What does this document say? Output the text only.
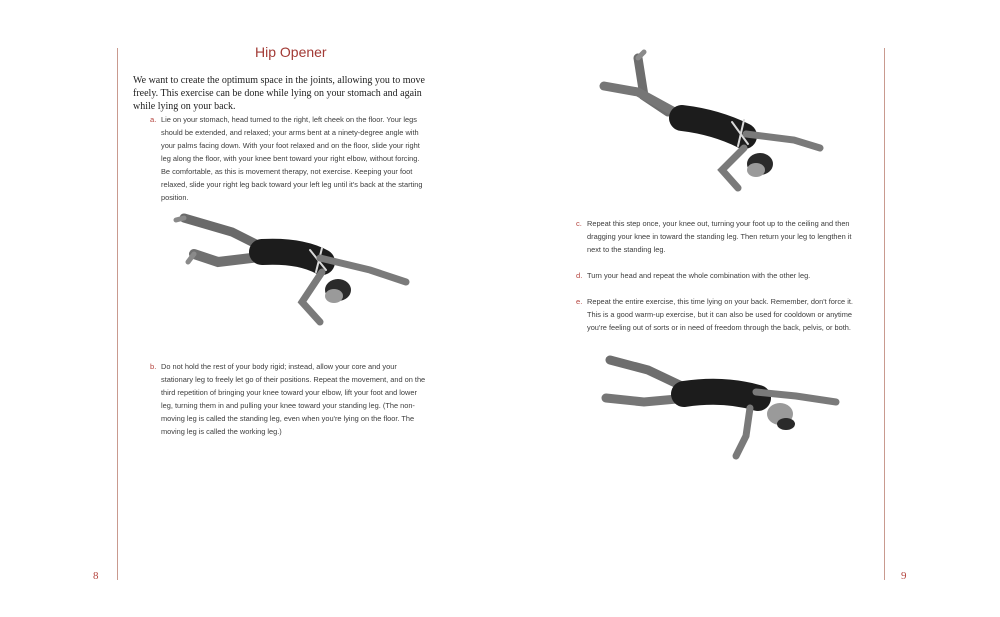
8	9
Hip Opener
We want to create the optimum space in the joints, allowing you to move freely. This exercise can be done while lying on your stomach and again while lying on your back.
a. Lie on your stomach, head turned to the right, left cheek on the floor. Your legs should be extended, and relaxed; your arms bent at a ninety-degree angle with your palms facing down. With your foot relaxed and on the floor, slide your right leg along the floor, with your knee bent toward your right elbow, without forcing. Be comfortable, as this is movement therapy, not exercise. Keeping your foot relaxed, slide your right leg back toward your left leg until it's back at the starting position.
b. Do not hold the rest of your body rigid; instead, allow your core and your stationary leg to freely let go of their positions. Repeat the movement, and on the third repetition of bringing your knee toward your elbow, lift your foot and lower leg, turning them in and pulling your knee toward your standing leg. (The non-moving leg is called the standing leg, even when you're lying on the floor. The moving leg is called the working leg.)
c. Repeat this step once, your knee out, turning your foot up to the ceiling and then dragging your knee in toward the standing leg. Then return your leg to lengthen it next to the standing leg.
d. Turn your head and repeat the whole combination with the other leg.
e. Repeat the entire exercise, this time lying on your back. Remember, don't force it. This is a good warm-up exercise, but it can also be used for cooldown or anytime you're feeling out of sorts or in need of freedom through the back, pelvis, or both.
